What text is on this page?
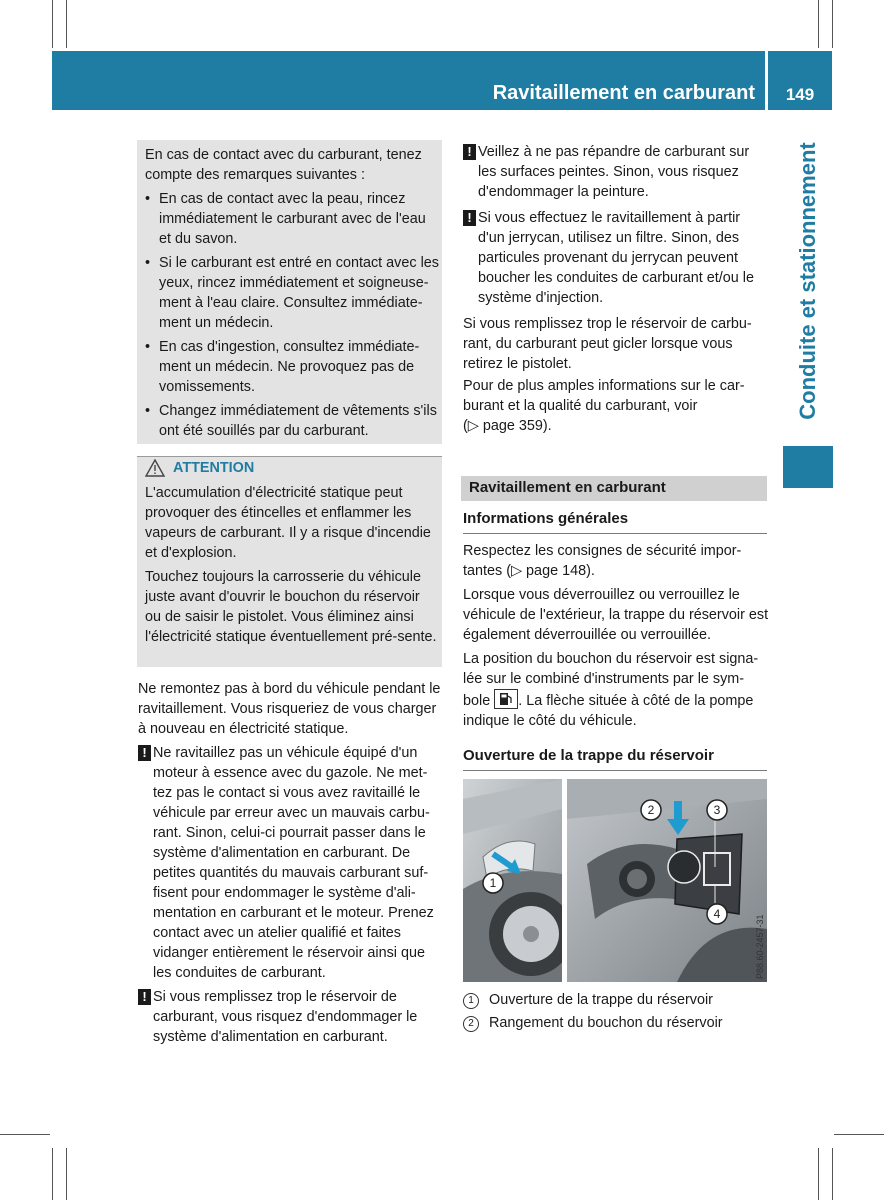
Ravitaillement en carburant	149
Conduite et stationnement

En cas de contact avec du carburant, tenez compte des remarques suivantes :

• En cas de contact avec la peau, rincez immédiatement le carburant avec de l'eau et du savon.
• Si le carburant est entré en contact avec les yeux, rincez immédiatement et soigneuse-ment à l'eau claire. Consultez immédiate-ment un médecin.
• En cas d'ingestion, consultez immédiate-ment un médecin. Ne provoquez pas de vomissements.
• Changez immédiatement de vêtements s'ils ont été souillés par du carburant.
ATTENTION

L'accumulation d'électricité statique peut provoquer des étincelles et enflammer les vapeurs de carburant. Il y a risque d'incendie et d'explosion.

Touchez toujours la carrosserie du véhicule juste avant d'ouvrir le bouchon du réservoir ou de saisir le pistolet. Vous éliminez ainsi l'électricité statique éventuellement pré-sente.

Ne remontez pas à bord du véhicule pendant le ravitaillement. Vous risqueriez de vous charger à nouveau en électricité statique.

! Ne ravitaillez pas un véhicule équipé d'un moteur à essence avec du gazole. Ne met-tez pas le contact si vous avez ravitaillé le véhicule par erreur avec un mauvais carbu-rant. Sinon, celui-ci pourrait passer dans le système d'alimentation en carburant. De petites quantités du mauvais carburant suf-fisent pour endommager le système d'ali-mentation en carburant et le moteur. Prenez contact avec un atelier qualifié et faites vidanger entièrement le réservoir ainsi que les conduites de carburant.
! Si vous remplissez trop le réservoir de carburant, vous risquez d'endommager le système d'alimentation en carburant.
! Veillez à ne pas répandre de carburant sur les surfaces peintes. Sinon, vous risquez d'endommager la peinture.
! Si vous effectuez le ravitaillement à partir d'un jerrycan, utilisez un filtre. Sinon, des particules provenant du jerrycan peuvent boucher les conduites de carburant et/ou le système d'injection.

Si vous remplissez trop le réservoir de carbu-rant, du carburant peut gicler lorsque vous retirez le pistolet.

Pour de plus amples informations sur le car-burant et la qualité du carburant, voir
(▷ page 359).

Ravitaillement en carburant
Informations générales

Respectez les consignes de sécurité impor-tantes (▷ page 148).

Lorsque vous déverrouillez ou verrouillez le véhicule de l'extérieur, la trappe du réservoir est également déverrouillée ou verrouillée.

La position du bouchon du réservoir est signa-lée sur le combiné d'instruments par le sym-bole . La flèche située à côté de la pompe indique le côté du véhicule.

Ouverture de la trappe du réservoir
1
2	3
4
P88.60-2457-31
1 Ouverture de la trappe du réservoir
2 Rangement du bouchon du réservoir
